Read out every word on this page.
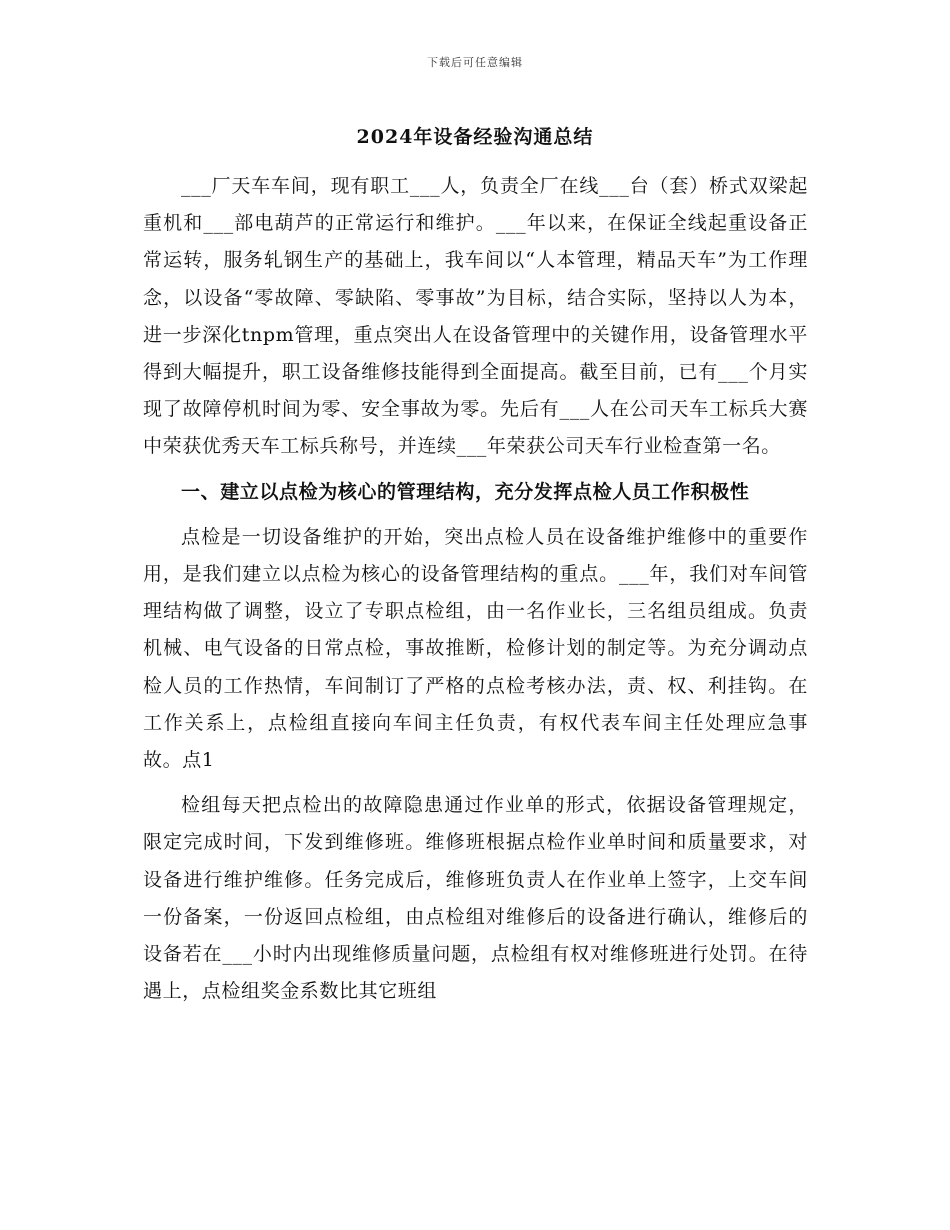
下载后可任意编辑
2024年设备经验沟通总结

___厂天车车间，现有职工___人，负责全厂在线___台（套）桥式双梁起重机和___部电葫芦的正常运行和维护。___年以来，在保证全线起重设备正常运转，服务轧钢生产的基础上，我车间以“人本管理，精品天车”为工作理念，以设备“零故障、零缺陷、零事故”为目标，结合实际，坚持以人为本，进一步深化tnpm管理，重点突出人在设备管理中的关键作用，设备管理水平得到大幅提升，职工设备维修技能得到全面提高。截至目前，已有___个月实现了故障停机时间为零、安全事故为零。先后有___人在公司天车工标兵大赛中荣获优秀天车工标兵称号，并连续___年荣获公司天车行业检查第一名。

一、建立以点检为核心的管理结构，充分发挥点检人员工作积极性

点检是一切设备维护的开始，突出点检人员在设备维护维修中的重要作用，是我们建立以点检为核心的设备管理结构的重点。___年，我们对车间管理结构做了调整，设立了专职点检组，由一名作业长，三名组员组成。负责机械、电气设备的日常点检，事故推断，检修计划的制定等。为充分调动点检人员的工作热情，车间制订了严格的点检考核办法，责、权、利挂钩。在工作关系上，点检组直接向车间主任负责，有权代表车间主任处理应急事故。点1

检组每天把点检出的故障隐患通过作业单的形式，依据设备管理规定，限定完成时间，下发到维修班。维修班根据点检作业单时间和质量要求，对设备进行维护维修。任务完成后，维修班负责人在作业单上签字，上交车间一份备案，一份返回点检组，由点检组对维修后的设备进行确认，维修后的设备若在___小时内出现维修质量问题，点检组有权对维修班进行处罚。在待遇上，点检组奖金系数比其它班组
